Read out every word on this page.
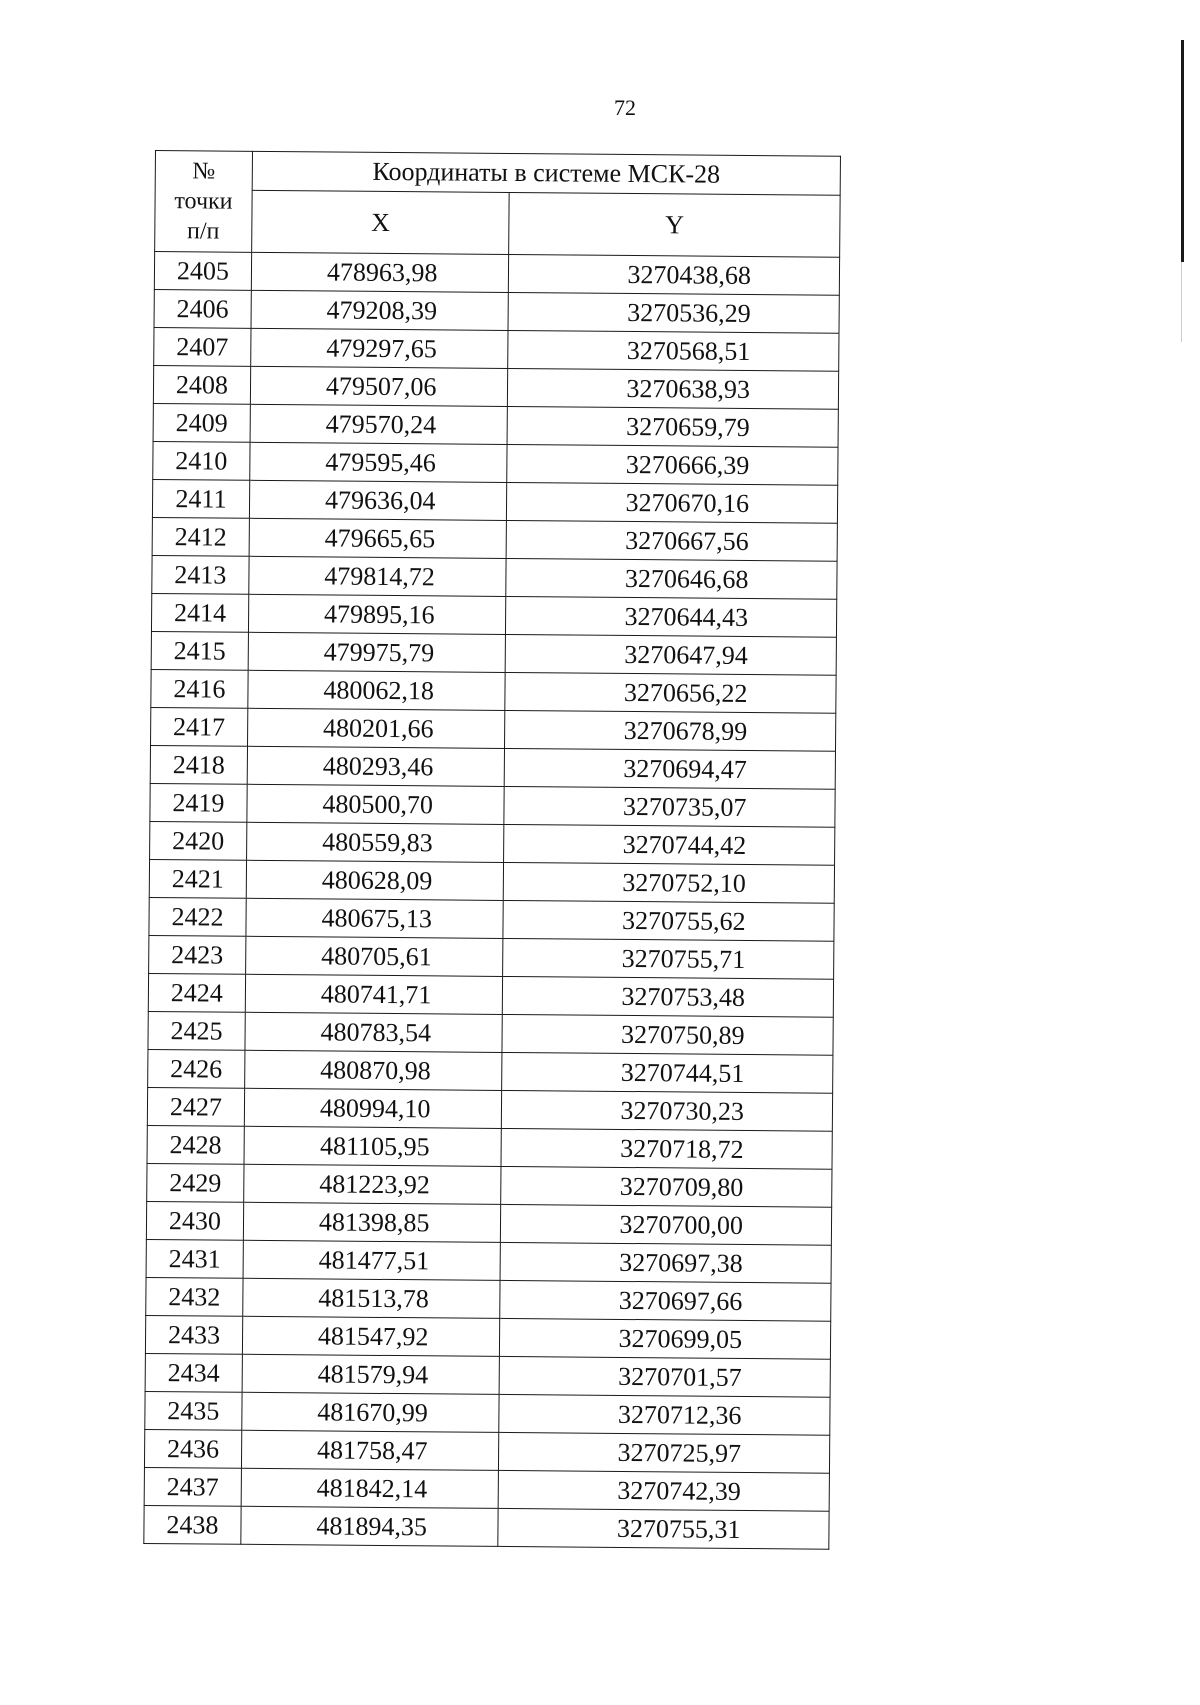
72
№
точки
п/п	Координаты в системе МСК-28	
	X	Y
2405	478963,98	3270438,68
2406	479208,39	3270536,29
2407	479297,65	3270568,51
2408	479507,06	3270638,93
2409	479570,24	3270659,79
2410	479595,46	3270666,39
2411	479636,04	3270670,16
2412	479665,65	3270667,56
2413	479814,72	3270646,68
2414	479895,16	3270644,43
2415	479975,79	3270647,94
2416	480062,18	3270656,22
2417	480201,66	3270678,99
2418	480293,46	3270694,47
2419	480500,70	3270735,07
2420	480559,83	3270744,42
2421	480628,09	3270752,10
2422	480675,13	3270755,62
2423	480705,61	3270755,71
2424	480741,71	3270753,48
2425	480783,54	3270750,89
2426	480870,98	3270744,51
2427	480994,10	3270730,23
2428	481105,95	3270718,72
2429	481223,92	3270709,80
2430	481398,85	3270700,00
2431	481477,51	3270697,38
2432	481513,78	3270697,66
2433	481547,92	3270699,05
2434	481579,94	3270701,57
2435	481670,99	3270712,36
2436	481758,47	3270725,97
2437	481842,14	3270742,39
2438	481894,35	3270755,31
